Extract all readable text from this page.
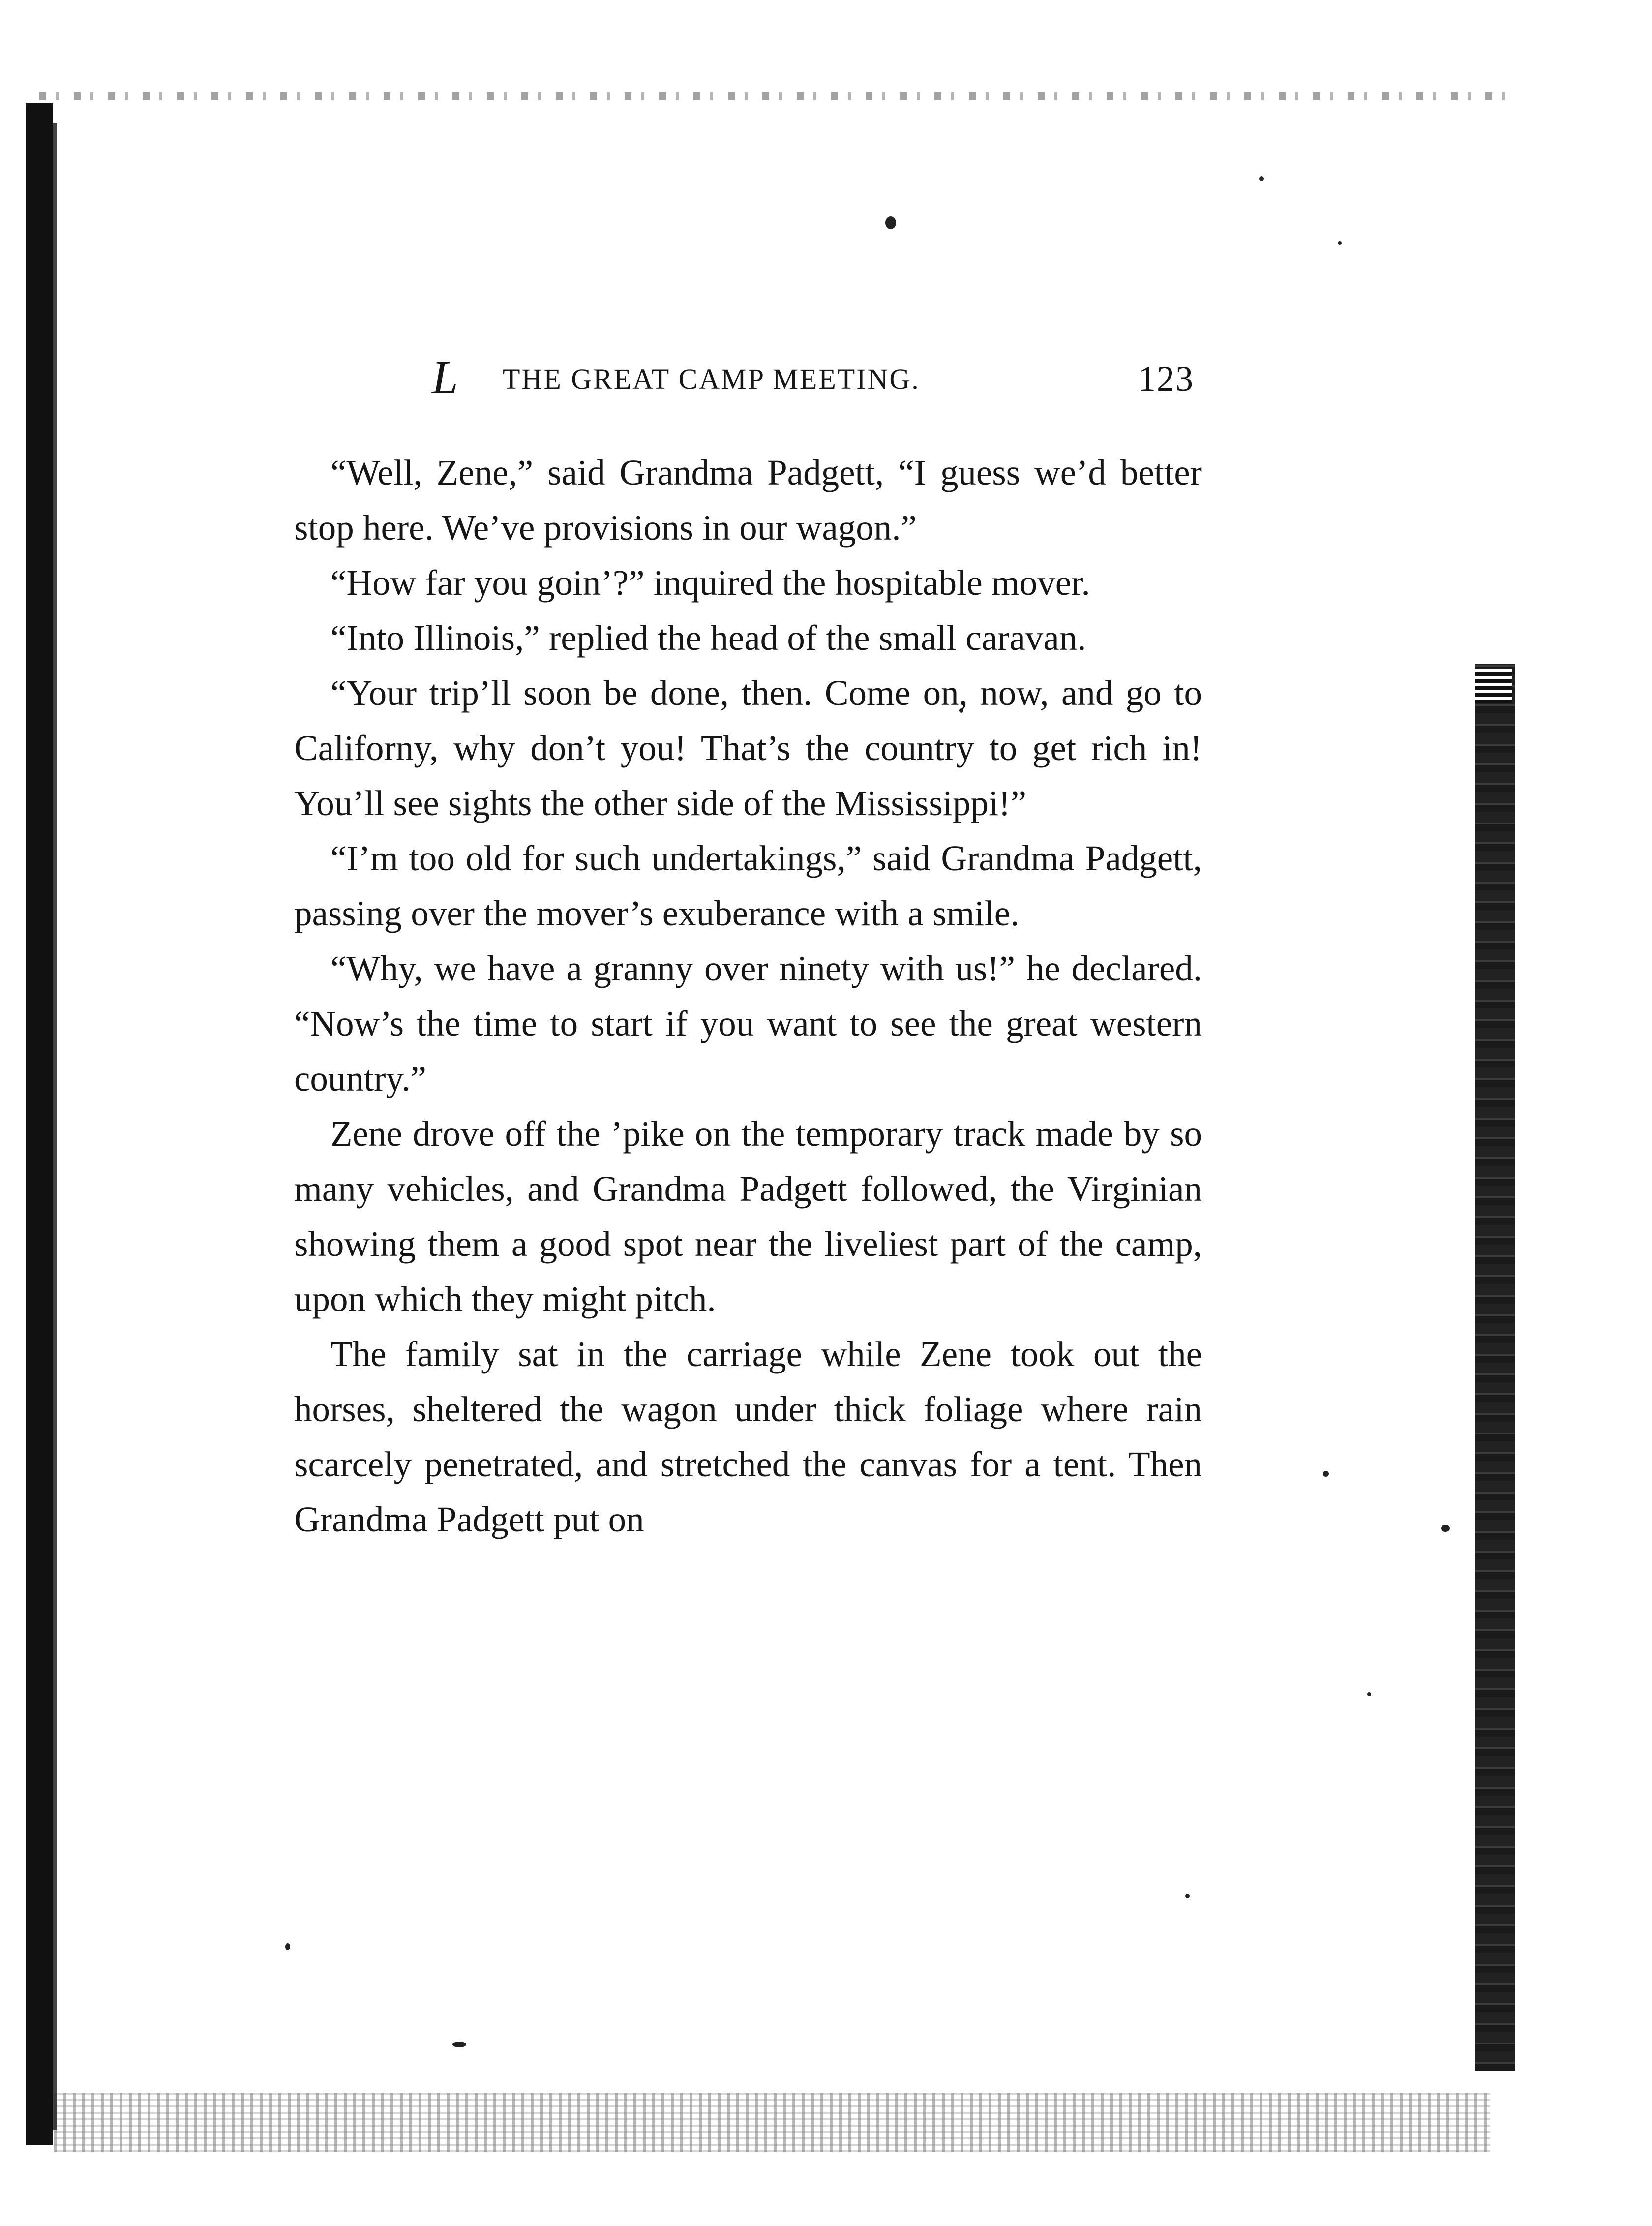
L THE GREAT CAMP MEETING.	123

“Well, Zene,” said Grandma Padgett, “I guess we’d better stop here. We’ve provisions in our wagon.”

“How far you goin’?” inquired the hospitable mover.

“Into Illinois,” replied the head of the small caravan.

“Your trip’ll soon be done, then. Come on, now, and go to Californy, why don’t you! That’s the country to get rich in! You’ll see sights the other side of the Mississippi!”

“I’m too old for such undertakings,” said Grandma Padgett, passing over the mover’s exuberance with a smile.

“Why, we have a granny over ninety with us!” he declared. “Now’s the time to start if you want to see the great western country.”

Zene drove off the ’pike on the temporary track made by so many vehicles, and Grandma Padgett followed, the Virginian showing them a good spot near the liveliest part of the camp, upon which they might pitch.

The family sat in the carriage while Zene took out the horses, sheltered the wagon under thick foliage where rain scarcely penetrated, and stretched the canvas for a tent. Then Grandma Padgett put on
